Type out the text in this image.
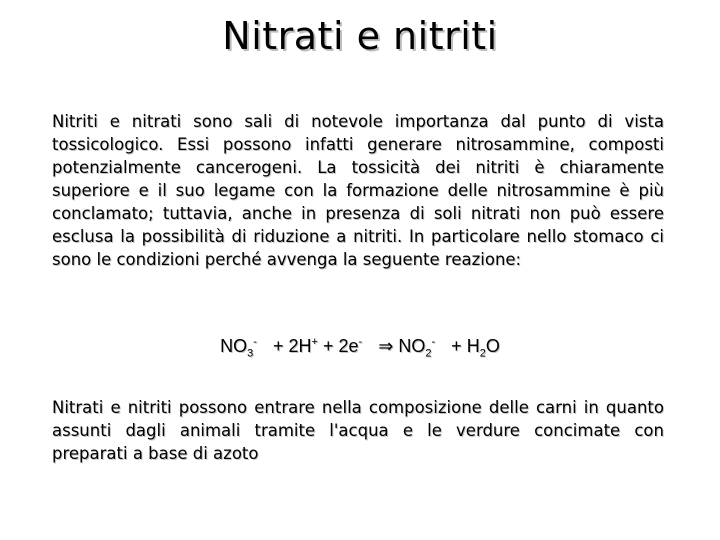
Nitrati e nitriti

Nitriti e nitrati sono sali di notevole importanza dal punto di vista tossicologico. Essi possono infatti generare nitrosammine, composti potenzialmente cancerogeni. La tossicità dei nitriti è chiaramente superiore e il suo legame con la formazione delle nitrosammine è più conclamato; tuttavia, anche in presenza di soli nitrati non può essere esclusa la possibilità di riduzione a nitriti. In particolare nello stomaco ci sono le condizioni perché avvenga la seguente reazione:

$NO_3^- + 2H^+ + 2e^-$ ⇒ $NO_2^- + H_2O$

Nitrati e nitriti possono entrare nella composizione delle carni in quanto assunti dagli animali tramite l'acqua e le verdure concimate con preparati a base di azoto
